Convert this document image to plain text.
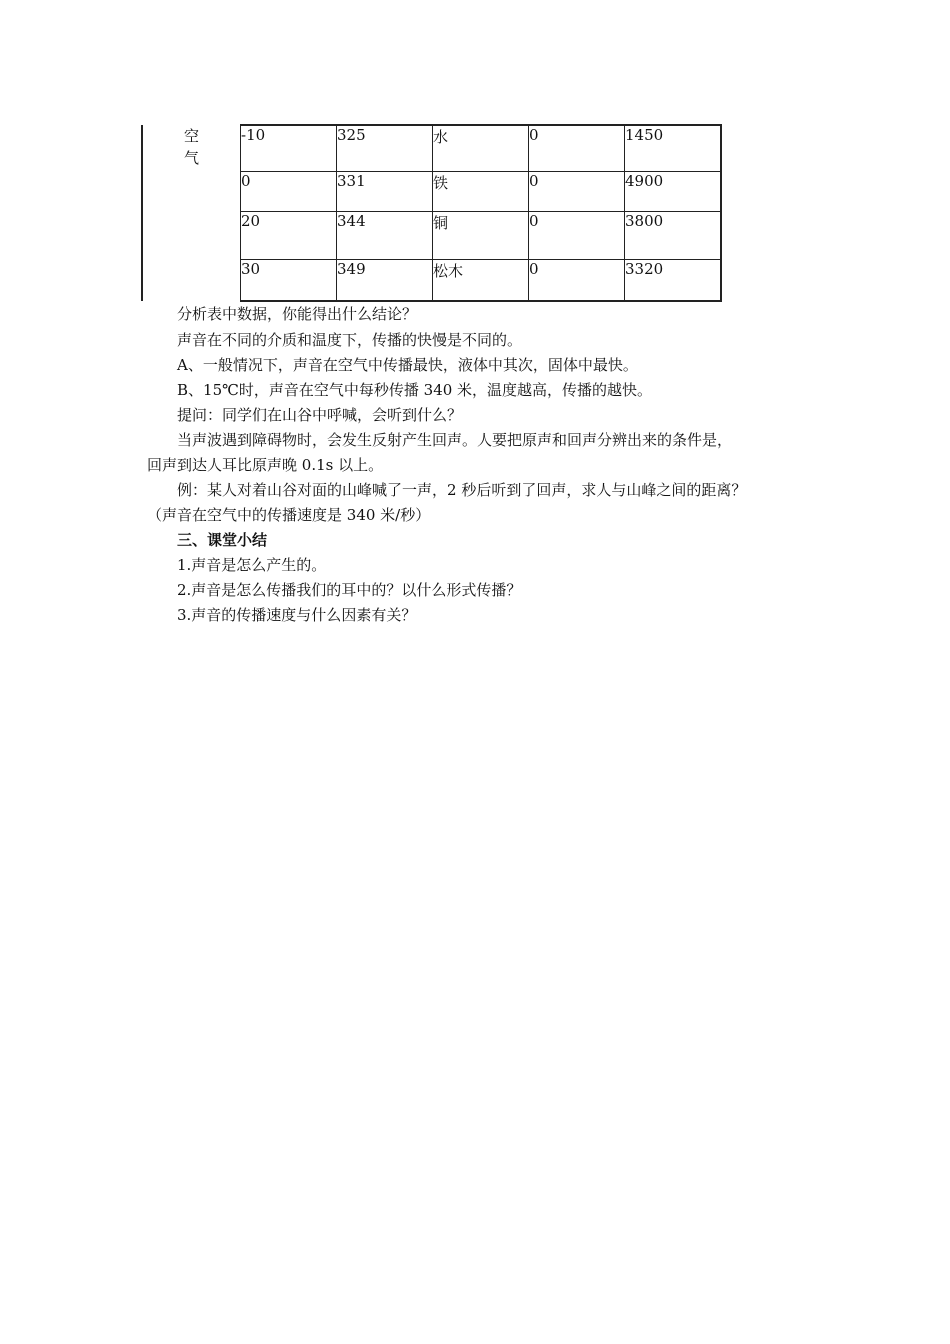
空
气	-10	325	水	0	1450
	0	331	铁	0	4900
	20	344	铜	0	3800
	30	349	松木	0	3320
分析表中数据，你能得出什么结论？
声音在不同的介质和温度下，传播的快慢是不同的。
A、一般情况下，声音在空气中传播最快，液体中其次，固体中最快。
B、15℃时，声音在空气中每秒传播 340 米，温度越高，传播的越快。
提问：同学们在山谷中呼喊，会听到什么？
当声波遇到障碍物时，会发生反射产生回声。人要把原声和回声分辨出来的条件是，
回声到达人耳比原声晚 0.1s 以上。
例：某人对着山谷对面的山峰喊了一声，2 秒后听到了回声，求人与山峰之间的距离？
（声音在空气中的传播速度是 340 米/秒）
三、课堂小结
1.声音是怎么产生的。
2.声音是怎么传播我们的耳中的？以什么形式传播？
3.声音的传播速度与什么因素有关？
